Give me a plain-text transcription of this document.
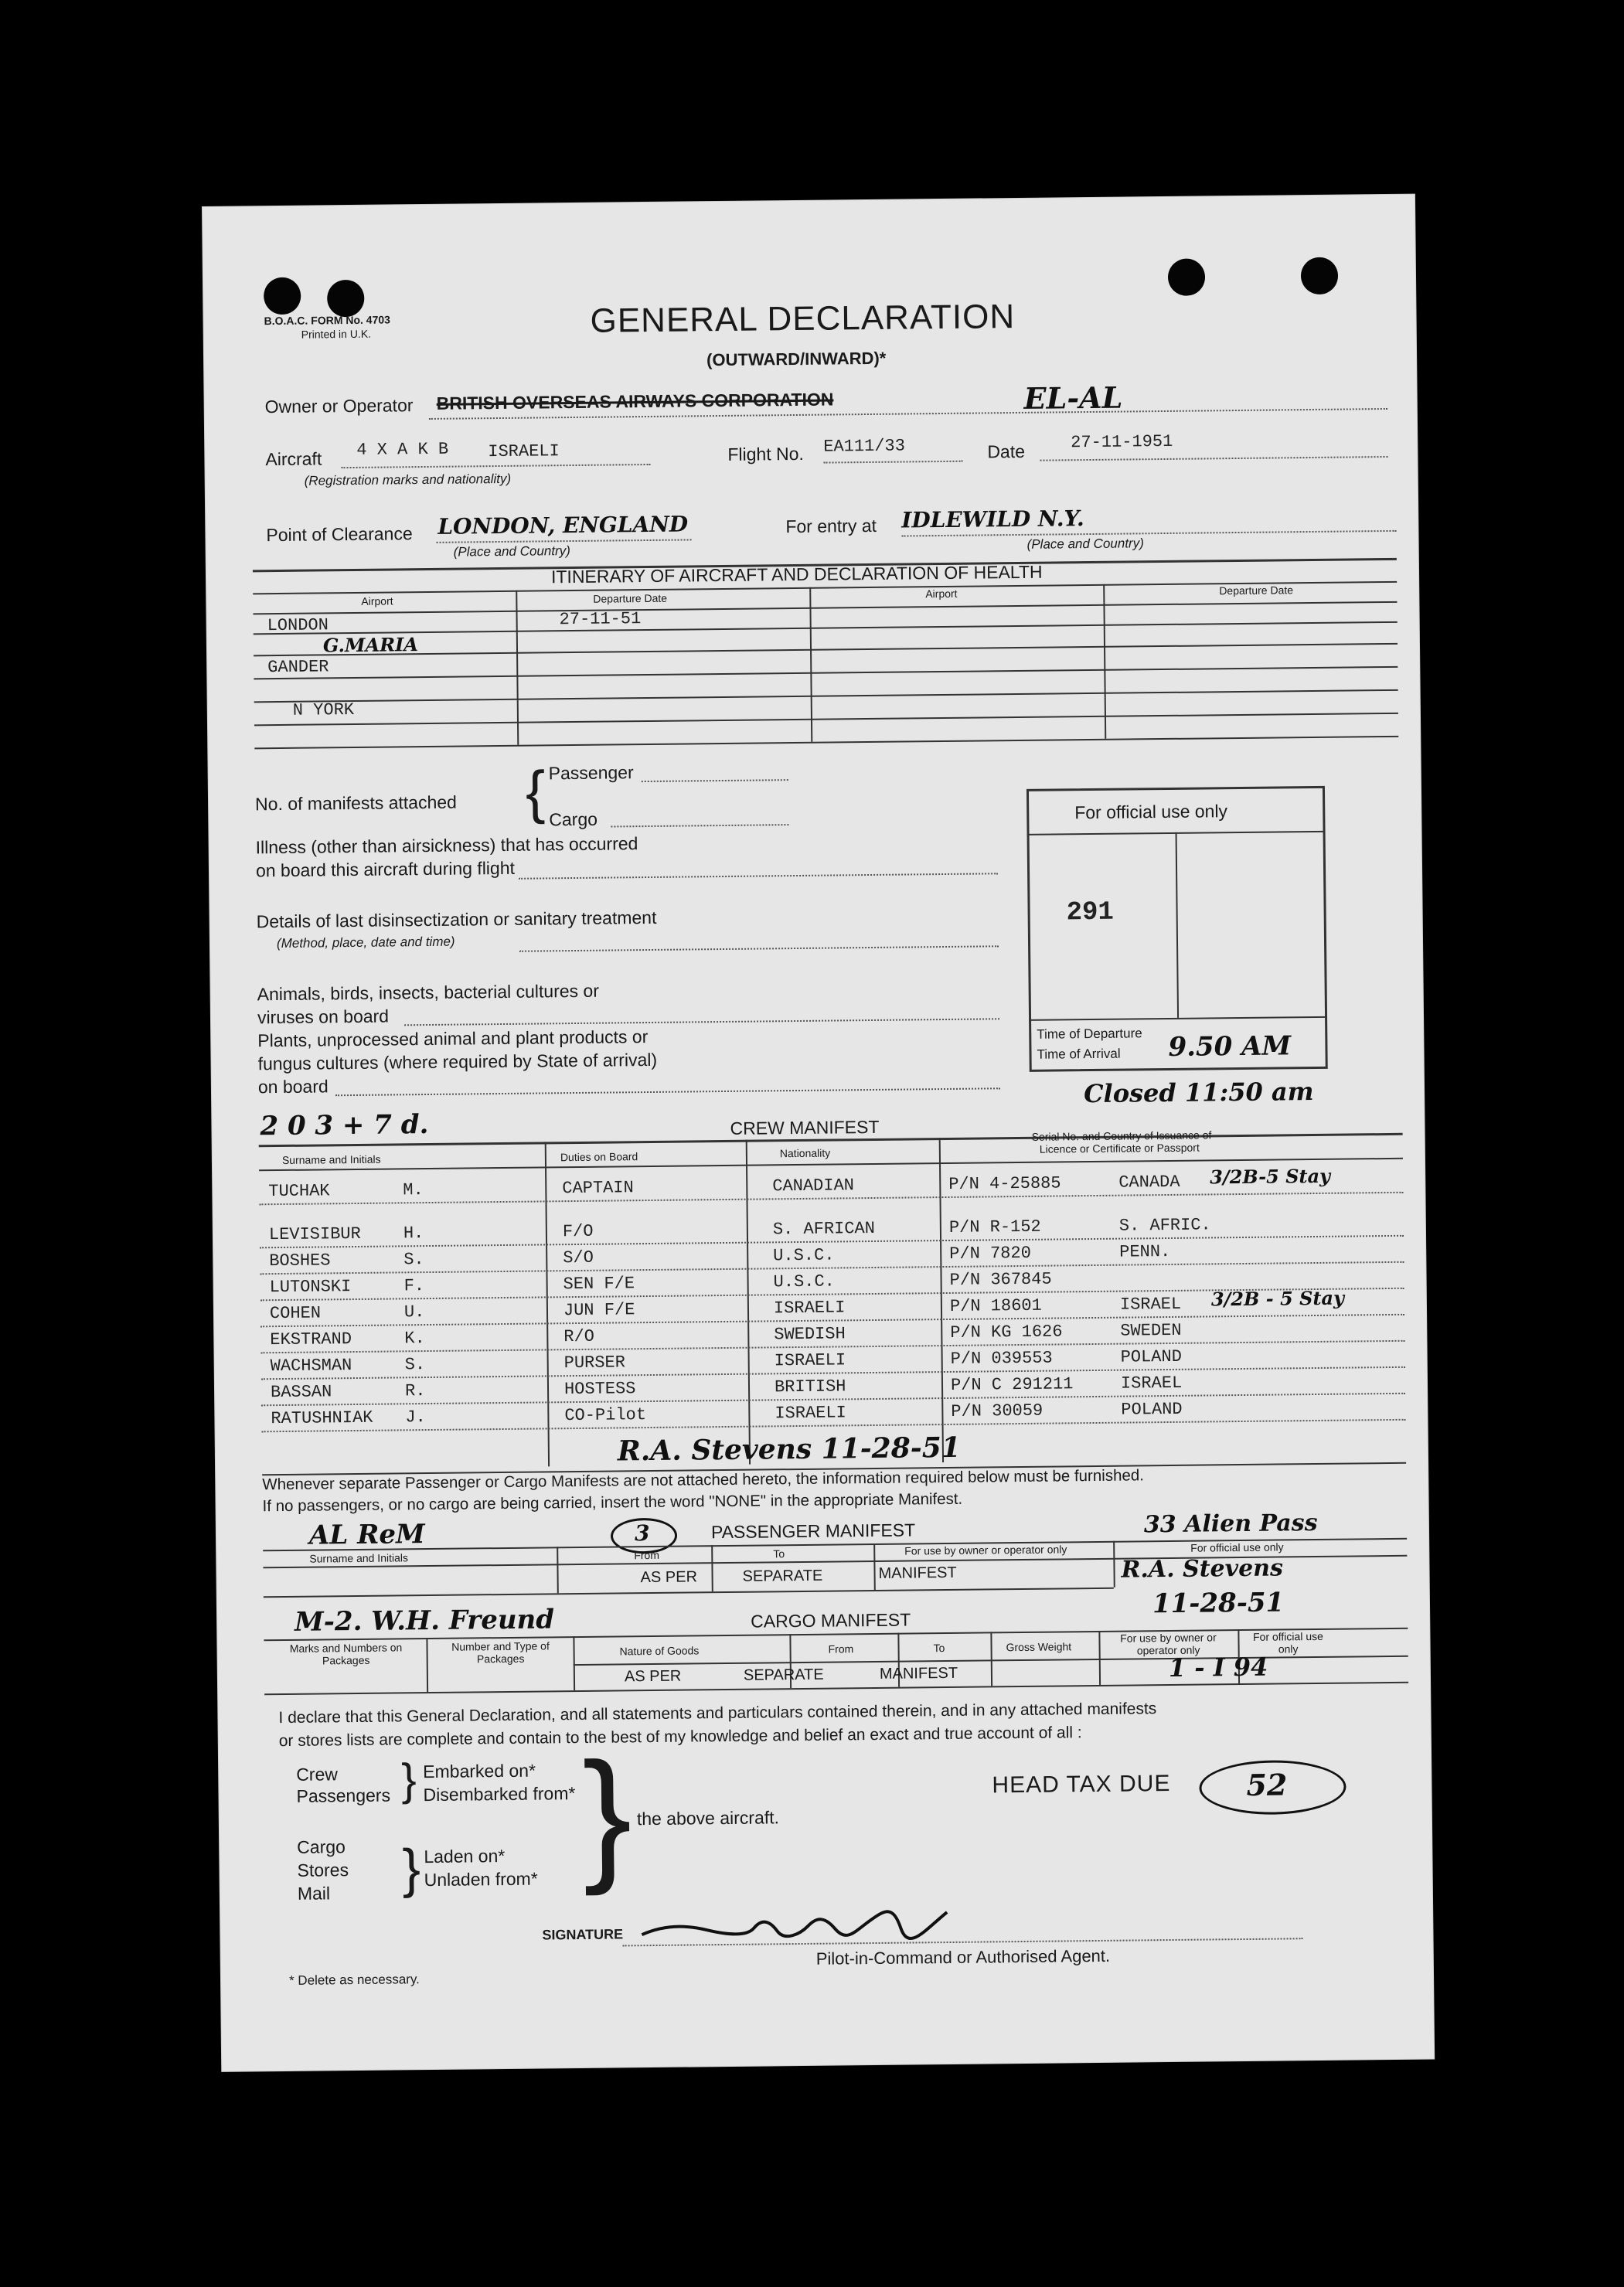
B.O.A.C. FORM No. 4703
Printed in U.K.	GENERAL DECLARATION
(OUTWARD/INWARD)*
Owner or Operator BRITISH OVERSEAS AIRWAYS CORPORATION	EL-AL
Aircraft 4 X A K B ISRAELI
(Registration marks and nationality)
Flight No. EA111/33	Date	27-11-1951
Point of Clearance LONDON, ENGLAND
(Place and Country)
For entry at IDLEWILD N.Y.
(Place and Country)
ITINERARY OF AIRCRAFT AND DECLARATION OF HEALTH
Airport	Departure Date	Airport	Departure Date
LONDON	27-11-51
G.MARIA
GANDER
N YORK
No. of manifests attached { Passenger
Cargo
Illness (other than airsickness) that has occurred
on board this aircraft during flight
Details of last disinsectization or sanitary treatment
(Method, place, date and time)
Animals, birds, insects, bacterial cultures or
viruses on board
Plants, unprocessed animal and plant products or
fungus cultures (where required by State of arrival)
on board
For official use only
291
Time of Departure
Time of Arrival 9.50 AM
Closed 11:50 am
2 0 3 + 7 d.	CREW MANIFEST
Surname and Initials	Duties on Board	Nationality
Serial No. and Country of Issuance of
Licence or Certificate or Passport
TUCHAK	M.	CAPTAIN	CANADIAN	P/N 4-25885	CANADA 3/2B-5 Stay
LEVISIBUR H.	F/O	S. AFRICAN	P/N R-152	S. AFRIC.
BOSHES	S.	S/O	U.S.C.	P/N 7820	PENN.
LUTONSKI	F.	SEN F/E	U.S.C.	P/N 367845
COHEN	U.	JUN F/E	ISRAELI	P/N 18601	ISRAEL 3/2B - 5 Stay
EKSTRAND	K.	R/O	SWEDISH	P/N KG 1626	SWEDEN
WACHSMAN	S.	PURSER	ISRAELI	P/N 039553	POLAND
BASSAN	R.	HOSTESS	BRITISH	P/N C 291211	ISRAEL
RATUSHNIAK J.	CO-Pilot	ISRAELI	P/N 30059	POLAND
R.A. Stevens 11-28-51
Whenever separate Passenger or Cargo Manifests are not attached hereto, the information required below must be furnished.
If no passengers, or no cargo are being carried, insert the word "NONE" in the appropriate Manifest.
AL ReM	3	PASSENGER MANIFEST	33 Alien Pass
Surname and Initials	From	To	For use by owner or operator only	For official use only
AS PER	SEPARATE	MANIFEST	R.A. Stevens
11-28-51
M-2. W.H. Freund	CARGO MANIFEST
Marks and Numbers on Packages
Number and Type of Packages
Nature of Goods	From	To	Gross Weight
For use by owner or operator only
For official use only
AS PER	SEPARATE	MANIFEST	1 - I 94
I declare that this General Declaration, and all statements and particulars contained therein, and in any attached manifests
or stores lists are complete and contain to the best of my knowledge and belief an exact and true account of all :
Crew
Passengers } Embarked on*
Disembarked from* } the above aircraft.
Cargo
Stores
Mail } Laden on*
Unladen from*
HEAD TAX DUE	52
SIGNATURE
Pilot-in-Command or Authorised Agent.
* Delete as necessary.
